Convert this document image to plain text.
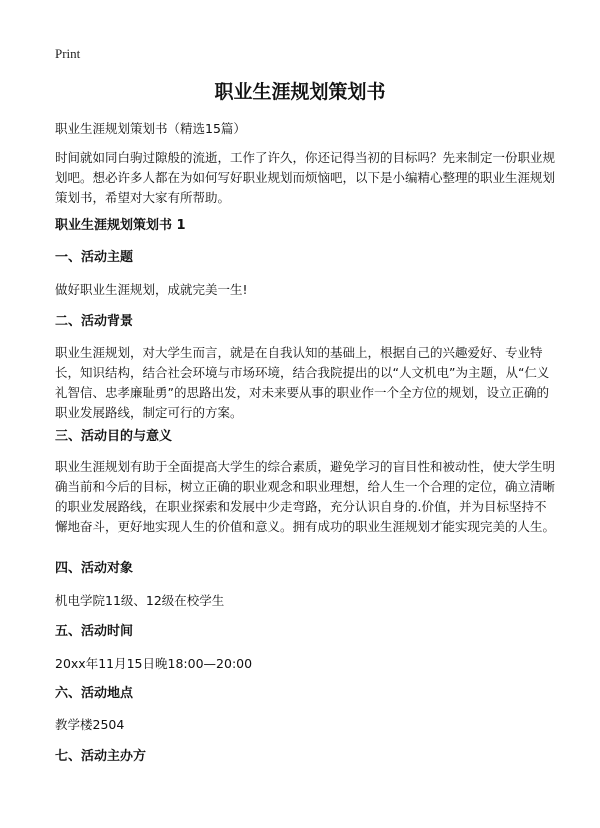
Print
职业生涯规划策划书

职业生涯规划策划书（精选15篇）

时间就如同白驹过隙般的流逝，工作了许久，你还记得当初的目标吗？先来制定一份职业规划吧。想必许多人都在为如何写好职业规划而烦恼吧，以下是小编精心整理的职业生涯规划策划书，希望对大家有所帮助。

职业生涯规划策划书 1
一、活动主题

做好职业生涯规划，成就完美一生!

二、活动背景

职业生涯规划，对大学生而言，就是在自我认知的基础上，根据自己的兴趣爱好、专业特长，知识结构，结合社会环境与市场环境，结合我院提出的以“人文机电”为主题，从“仁义礼智信、忠孝廉耻勇”的思路出发，对未来要从事的职业作一个全方位的规划，设立正确的职业发展路线，制定可行的方案。

三、活动目的与意义

职业生涯规划有助于全面提高大学生的综合素质，避免学习的盲目性和被动性，使大学生明确当前和今后的目标，树立正确的职业观念和职业理想，给人生一个合理的定位，确立清晰的职业发展路线，在职业探索和发展中少走弯路，充分认识自身的.价值，并为目标坚持不懈地奋斗，更好地实现人生的价值和意义。拥有成功的职业生涯规划才能实现完美的人生。

四、活动对象

机电学院11级、12级在校学生

五、活动时间

20xx年11月15日晚18:00—20:00

六、活动地点

教学楼2504

七、活动主办方
